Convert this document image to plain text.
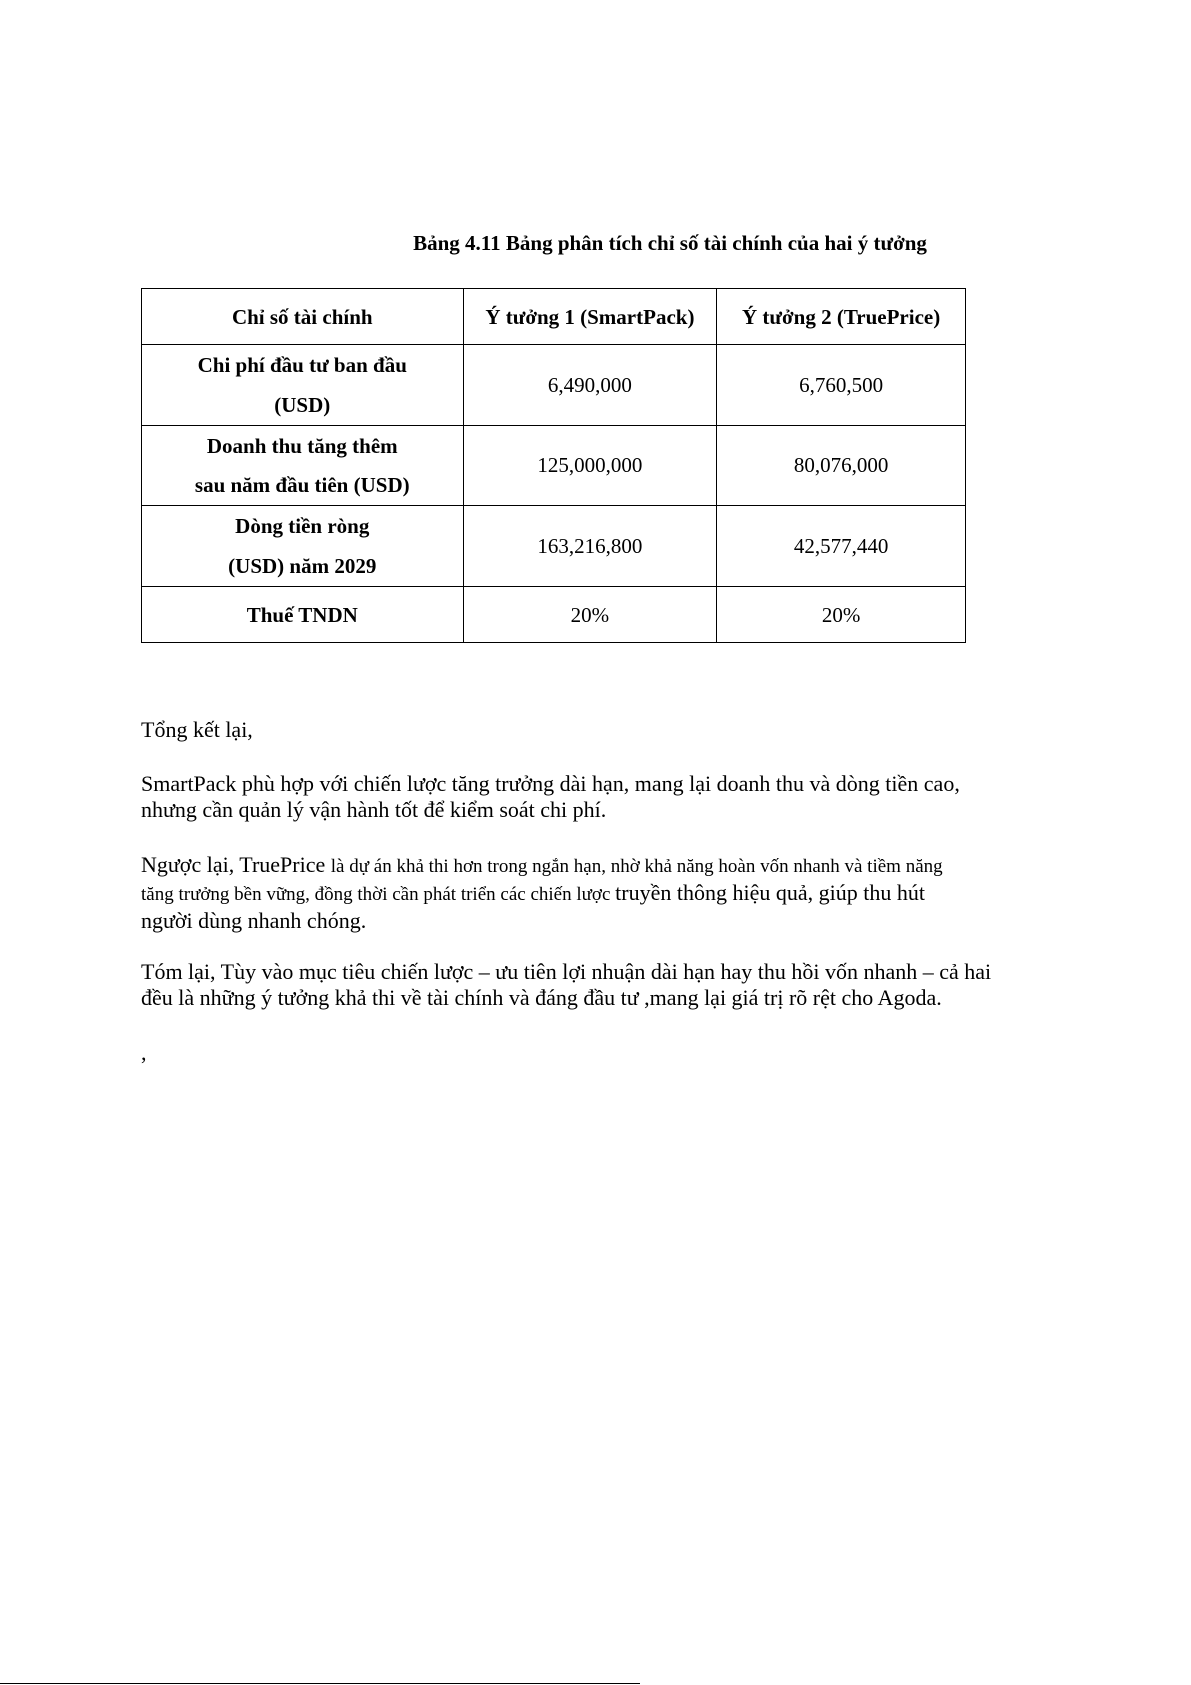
Bảng 4.11 Bảng phân tích chỉ số tài chính của hai ý tưởng
Chỉ số tài chính	Ý tưởng 1 (SmartPack)	Ý tưởng 2 (TruePrice)
Chi phí đầu tư ban đầu
(USD)	6,490,000	6,760,500
Doanh thu tăng thêm
sau năm đầu tiên (USD)	125,000,000	80,076,000
Dòng tiền ròng
(USD) năm 2029	163,216,800	42,577,440
Thuế TNDN	20%	20%
Tổng kết lại,
SmartPack phù hợp với chiến lược tăng trưởng dài hạn, mang lại doanh thu và dòng tiền cao,
nhưng cần quản lý vận hành tốt để kiểm soát chi phí.
Ngược lại, TruePrice là dự án khả thi hơn trong ngắn hạn, nhờ khả năng hoàn vốn nhanh và tiềm năng
tăng trưởng bền vững, đồng thời cần phát triển các chiến lược truyền thông hiệu quả, giúp thu hút
người dùng nhanh chóng.
Tóm lại, Tùy vào mục tiêu chiến lược – ưu tiên lợi nhuận dài hạn hay thu hồi vốn nhanh – cả hai
đều là những ý tưởng khả thi về tài chính và đáng đầu tư ,mang lại giá trị rõ rệt cho Agoda.
,
